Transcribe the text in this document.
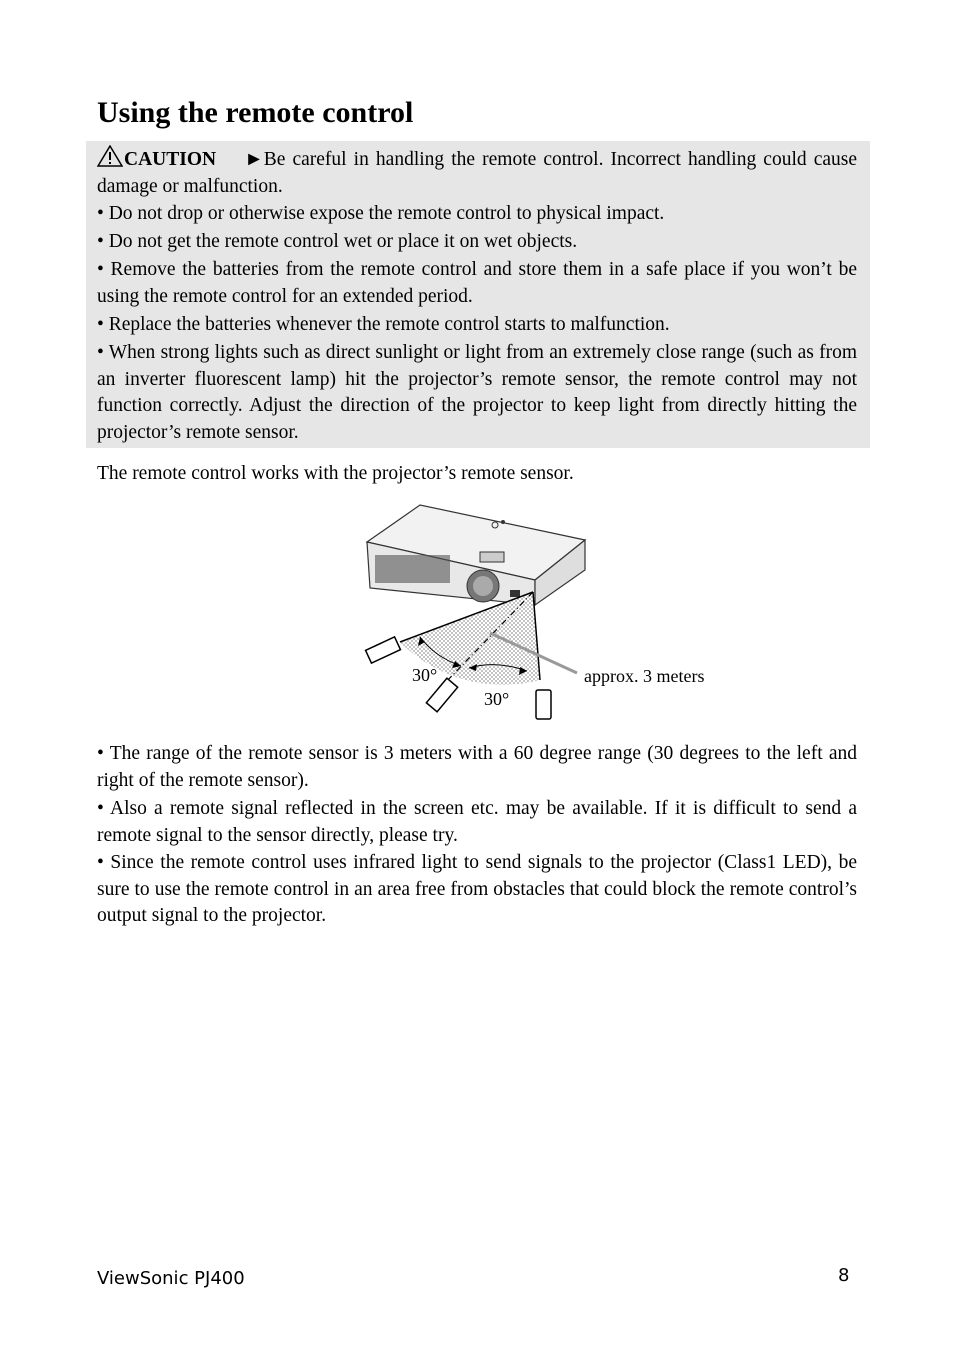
Using the remote control

CAUTION ►Be careful in handling the remote control. Incorrect handling could cause damage or malfunction.

• Do not drop or otherwise expose the remote control to physical impact.

• Do not get the remote control wet or place it on wet objects.

• Remove the batteries from the remote control and store them in a safe place if you won’t be using the remote control for an extended period.

• Replace the batteries whenever the remote control starts to malfunction.

• When strong lights such as direct sunlight or light from an extremely close range (such as from an inverter fluorescent lamp) hit the projector’s remote sensor, the remote control may not function correctly. Adjust the direction of the projector to keep light from directly hitting the projector’s remote sensor.

The remote control works with the projector’s remote sensor.

30°
30°
approx. 3 meters

• The range of the remote sensor is 3 meters with a 60 degree range (30 degrees to the left and right of the remote sensor).

• Also a remote signal reflected in the screen etc. may be available. If it is difficult to send a remote signal to the sensor directly, please try.

• Since the remote control uses infrared light to send signals to the projector (Class1 LED), be sure to use the remote control in an area free from obstacles that could block the remote control’s output signal to the projector.

ViewSonic PJ400	8
